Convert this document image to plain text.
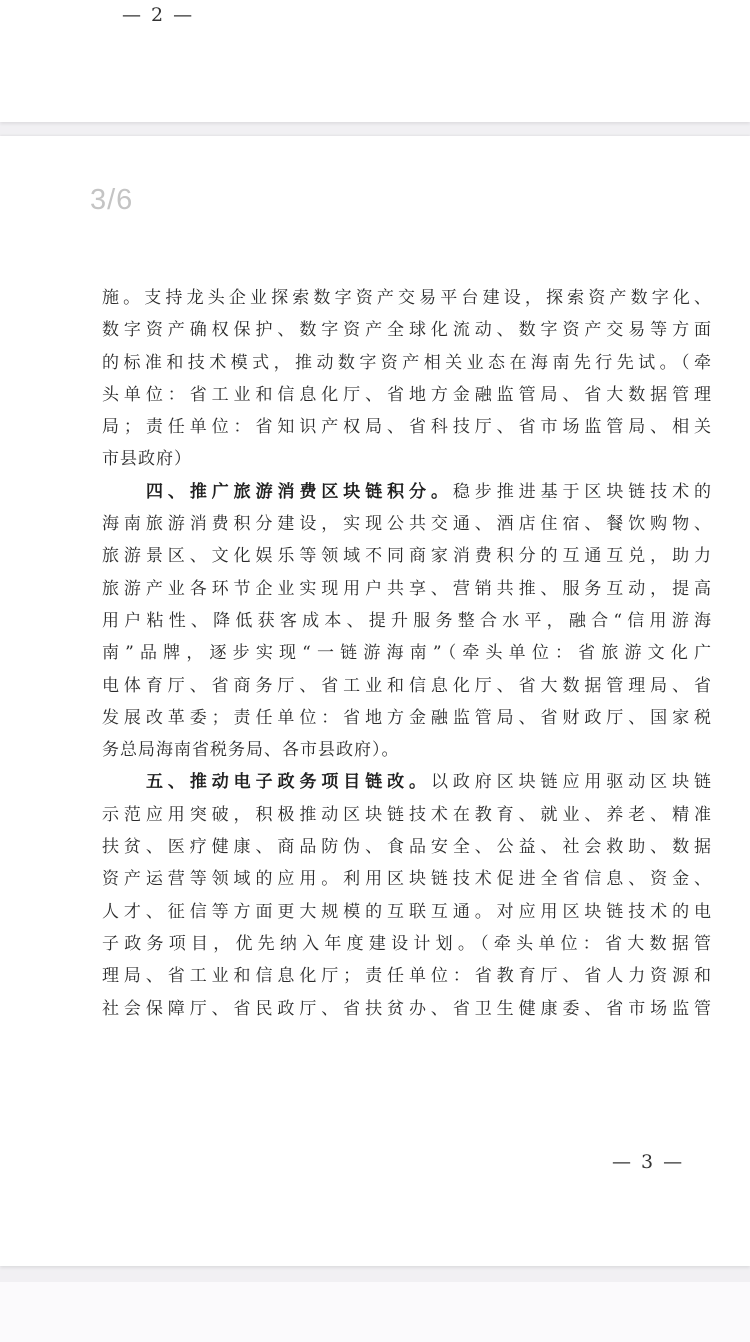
— 2 —
3/6

施。支持龙头企业探索数字资产交易平台建设，探索资产数字化、

数字资产确权保护、数字资产全球化流动、数字资产交易等方面

的标准和技术模式，推动数字资产相关业态在海南先行先试。（牵

头单位：省工业和信息化厅、省地方金融监管局、省大数据管理

局；责任单位：省知识产权局、省科技厅、省市场监管局、相关

市县政府）

四、推广旅游消费区块链积分。稳步推进基于区块链技术的

海南旅游消费积分建设，实现公共交通、酒店住宿、餐饮购物、

旅游景区、文化娱乐等领域不同商家消费积分的互通互兑，助力

旅游产业各环节企业实现用户共享、营销共推、服务互动，提高

用户粘性、降低获客成本、提升服务整合水平，融合“信用游海

南”品牌，逐步实现“一链游海南”（牵头单位：省旅游文化广

电体育厅、省商务厅、省工业和信息化厅、省大数据管理局、省

发展改革委；责任单位：省地方金融监管局、省财政厅、国家税

务总局海南省税务局、各市县政府）。

五、推动电子政务项目链改。以政府区块链应用驱动区块链

示范应用突破，积极推动区块链技术在教育、就业、养老、精准

扶贫、医疗健康、商品防伪、食品安全、公益、社会救助、数据

资产运营等领域的应用。利用区块链技术促进全省信息、资金、

人才、征信等方面更大规模的互联互通。对应用区块链技术的电

子政务项目，优先纳入年度建设计划。（牵头单位：省大数据管

理局、省工业和信息化厅；责任单位：省教育厅、省人力资源和

社会保障厅、省民政厅、省扶贫办、省卫生健康委、省市场监管

— 3 —
